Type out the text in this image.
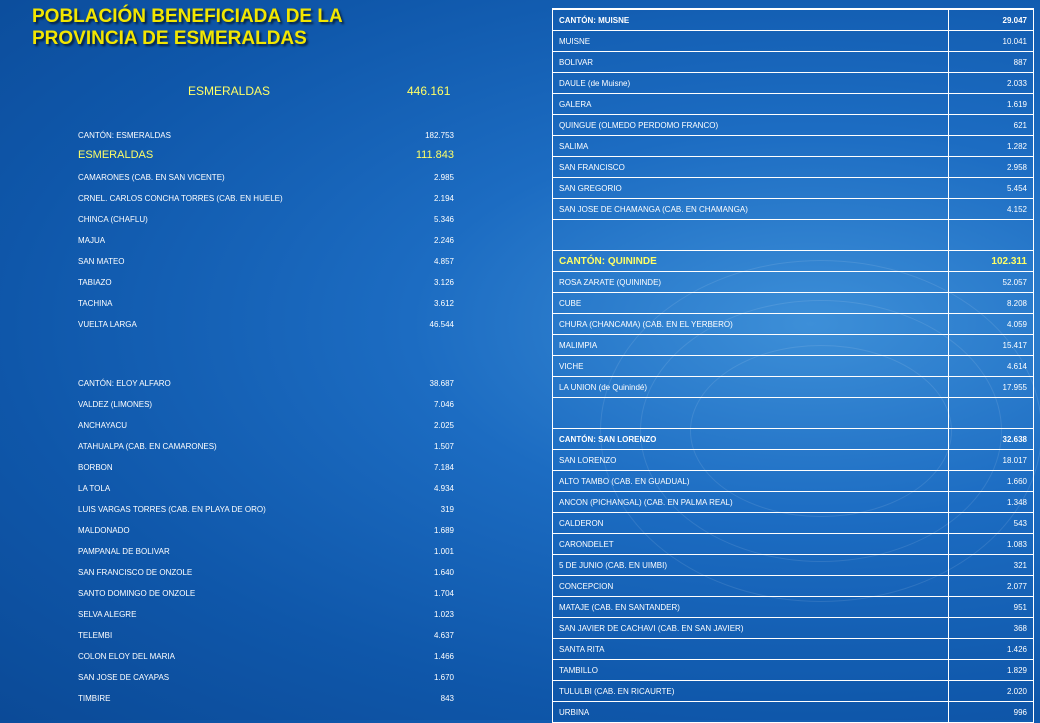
POBLACIÓN BENEFICIADA DE LA PROVINCIA DE ESMERALDAS
ESMERALDAS	446.161
CANTÓN: ESMERALDAS	182.753
ESMERALDAS	111.843
CAMARONES (CAB. EN SAN VICENTE)	2.985
CRNEL. CARLOS CONCHA TORRES (CAB. EN HUELE)	2.194
CHINCA (CHAFLU)	5.346
MAJUA	2.246
SAN MATEO	4.857
TABIAZO	3.126
TACHINA	3.612
VUELTA LARGA	46.544
CANTÓN: ELOY ALFARO	38.687
VALDEZ (LIMONES)	7.046
ANCHAYACU	2.025
ATAHUALPA (CAB. EN CAMARONES)	1.507
BORBON	7.184
LA TOLA	4.934
LUIS VARGAS TORRES (CAB. EN PLAYA DE ORO)	319
MALDONADO	1.689
PAMPANAL DE BOLIVAR	1.001
SAN FRANCISCO DE ONZOLE	1.640
SANTO DOMINGO DE ONZOLE	1.704
SELVA ALEGRE	1.023
TELEMBI	4.637
COLON ELOY DEL MARIA	1.466
SAN JOSE DE CAYAPAS	1.670
TIMBIRE	843
CANTÓN: MUISNE	29.047
MUISNE	10.041
BOLIVAR	887
DAULE (de Muisne)	2.033
GALERA	1.619
QUINGUE (OLMEDO PERDOMO FRANCO)	621
SALIMA	1.282
SAN FRANCISCO	2.958
SAN GREGORIO	5.454
SAN JOSE DE CHAMANGA (CAB. EN CHAMANGA)	4.152

CANTÓN: QUININDE	102.311
ROSA ZARATE (QUININDE)	52.057
CUBE	8.208
CHURA (CHANCAMA) (CAB. EN EL YERBERO)	4.059
MALIMPIA	15.417
VICHE	4.614
LA UNION (de Quinindé)	17.955

CANTÓN: SAN LORENZO	32.638
SAN LORENZO	18.017
ALTO TAMBO (CAB. EN GUADUAL)	1.660
ANCON (PICHANGAL) (CAB. EN PALMA REAL)	1.348
CALDERON	543
CARONDELET	1.083
5 DE JUNIO (CAB. EN UIMBI)	321
CONCEPCION	2.077
MATAJE (CAB. EN SANTANDER)	951
SAN JAVIER DE CACHAVI (CAB. EN SAN JAVIER)	368
SANTA RITA	1.426
TAMBILLO	1.829
TULULBI (CAB. EN RICAURTE)	2.020
URBINA	996
